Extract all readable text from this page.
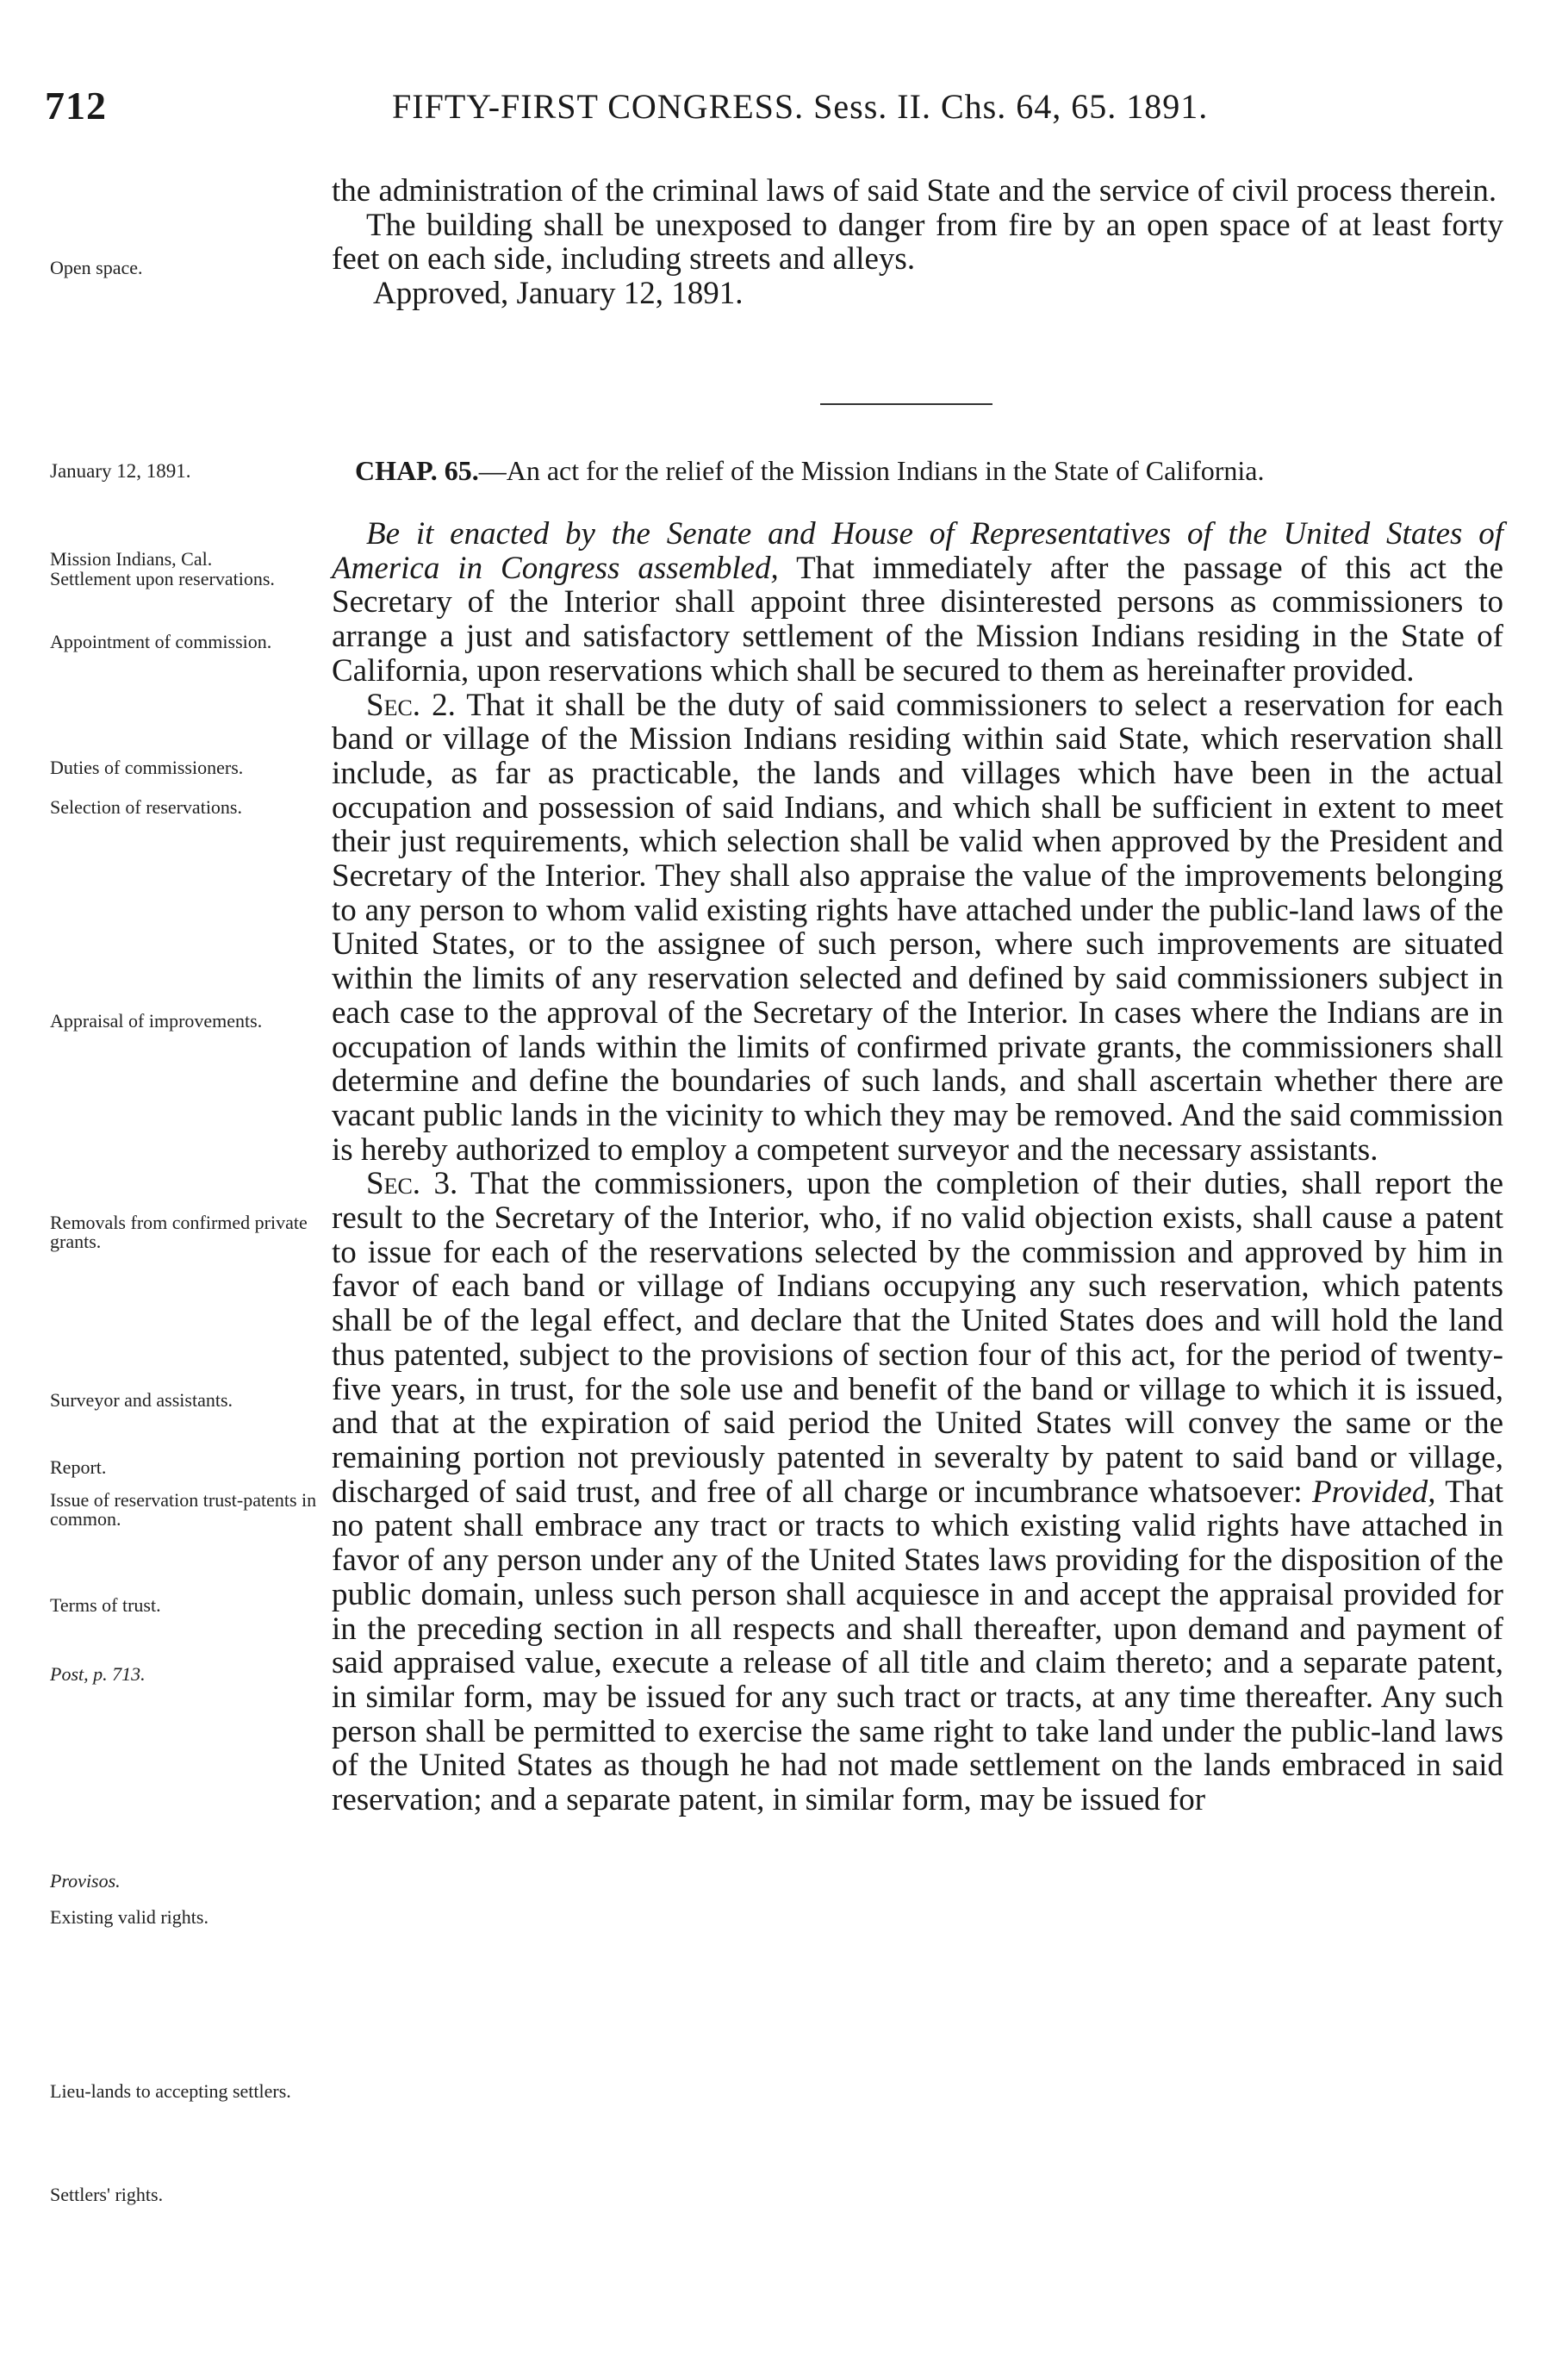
712	FIFTY-FIRST CONGRESS. Sess. II. Chs. 64, 65. 1891.

the administration of the criminal laws of said State and the service of civil process therein.

The building shall be unexposed to danger from fire by an open space of at least forty feet on each side, including streets and alleys.

Approved, January 12, 1891.

January 12, 1891.	CHAP. 65.—An act for the relief of the Mission Indians in the State of California.

Be it enacted by the Senate and House of Representatives of the United States of America in Congress assembled, That immediately after the passage of this act the Secretary of the Interior shall appoint three disinterested persons as commissioners to arrange a just and satisfactory settlement of the Mission Indians residing in the State of California, upon reservations which shall be secured to them as hereinafter provided.

Sec. 2. That it shall be the duty of said commissioners to select a reservation for each band or village of the Mission Indians residing within said State, which reservation shall include, as far as practicable, the lands and villages which have been in the actual occupation and possession of said Indians, and which shall be sufficient in extent to meet their just requirements, which selection shall be valid when approved by the President and Secretary of the Interior. They shall also appraise the value of the improvements belonging to any person to whom valid existing rights have attached under the public-land laws of the United States, or to the assignee of such person, where such improvements are situated within the limits of any reservation selected and defined by said commissioners subject in each case to the approval of the Secretary of the Interior. In cases where the Indians are in occupation of lands within the limits of confirmed private grants, the commissioners shall determine and define the boundaries of such lands, and shall ascertain whether there are vacant public lands in the vicinity to which they may be removed. And the said commission is hereby authorized to employ a competent surveyor and the necessary assistants.

Sec. 3. That the commissioners, upon the completion of their duties, shall report the result to the Secretary of the Interior, who, if no valid objection exists, shall cause a patent to issue for each of the reservations selected by the commission and approved by him in favor of each band or village of Indians occupying any such reservation, which patents shall be of the legal effect, and declare that the United States does and will hold the land thus patented, subject to the provisions of section four of this act, for the period of twenty-five years, in trust, for the sole use and benefit of the band or village to which it is issued, and that at the expiration of said period the United States will convey the same or the remaining portion not previously patented in severalty by patent to said band or village, discharged of said trust, and free of all charge or incumbrance whatsoever: Provided, That no patent shall embrace any tract or tracts to which existing valid rights have attached in favor of any person under any of the United States laws providing for the disposition of the public domain, unless such person shall acquiesce in and accept the appraisal provided for in the preceding section in all respects and shall thereafter, upon demand and payment of said appraised value, execute a release of all title and claim thereto; and a separate patent, in similar form, may be issued for any such tract or tracts, at any time thereafter. Any such person shall be permitted to exercise the same right to take land under the public-land laws of the United States as though he had not made settlement on the lands embraced in said reservation; and a separate patent, in similar form, may be issued for

Open space.
Mission Indians, Cal.
Settlement upon reservations.
Appointment of commission.
Duties of commissioners.
Selection of reservations.
Appraisal of improvements.
Removals from confirmed private grants.
Surveyor and assistants.
Report.
Issue of reservation trust-patents in common.
Terms of trust.
Post, p. 713.
Provisos.
Existing valid rights.
Lieu-lands to accepting settlers.
Settlers' rights.
